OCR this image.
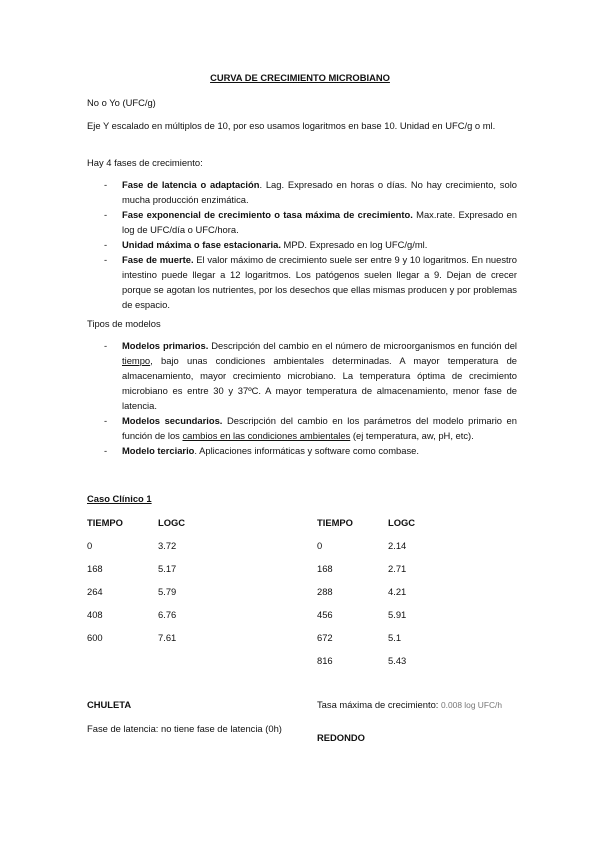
CURVA DE CRECIMIENTO MICROBIANO
No o Yo (UFC/g)
Eje Y escalado en múltiplos de 10, por eso usamos logaritmos en base 10. Unidad en UFC/g o ml.
Hay 4 fases de crecimiento:
- Fase de latencia o adaptación. Lag. Expresado en horas o días. No hay crecimiento, solo mucha producción enzimática.
- Fase exponencial de crecimiento o tasa máxima de crecimiento. Max.rate. Expresado en log de UFC/día o UFC/hora.
- Unidad máxima o fase estacionaria. MPD. Expresado en log UFC/g/ml.
- Fase de muerte. El valor máximo de crecimiento suele ser entre 9 y 10 logaritmos. En nuestro intestino puede llegar a 12 logaritmos. Los patógenos suelen llegar a 9. Dejan de crecer porque se agotan los nutrientes, por los desechos que ellas mismas producen y por problemas de espacio.
Tipos de modelos
- Modelos primarios. Descripción del cambio en el número de microorganismos en función del tiempo, bajo unas condiciones ambientales determinadas. A mayor temperatura de almacenamiento, mayor crecimiento microbiano. La temperatura óptima de crecimiento microbiano es entre 30 y 37ºC. A mayor temperatura de almacenamiento, menor fase de latencia.
- Modelos secundarios. Descripción del cambio en los parámetros del modelo primario en función de los cambios en las condiciones ambientales (ej temperatura, aw, pH, etc).
- Modelo terciario. Aplicaciones informáticas y software como combase.
Caso Clínico 1
TIEMPO	LOGC
0	3.72
168	5.17
264	5.79
408	6.76
600	7.61
TIEMPO	LOGC
0	2.14
168	2.71
288	4.21
456	5.91
672	5.1
816	5.43
CHULETA
Fase de latencia: no tiene fase de latencia (0h)
Tasa máxima de crecimiento: 0.008 log UFC/h
REDONDO
